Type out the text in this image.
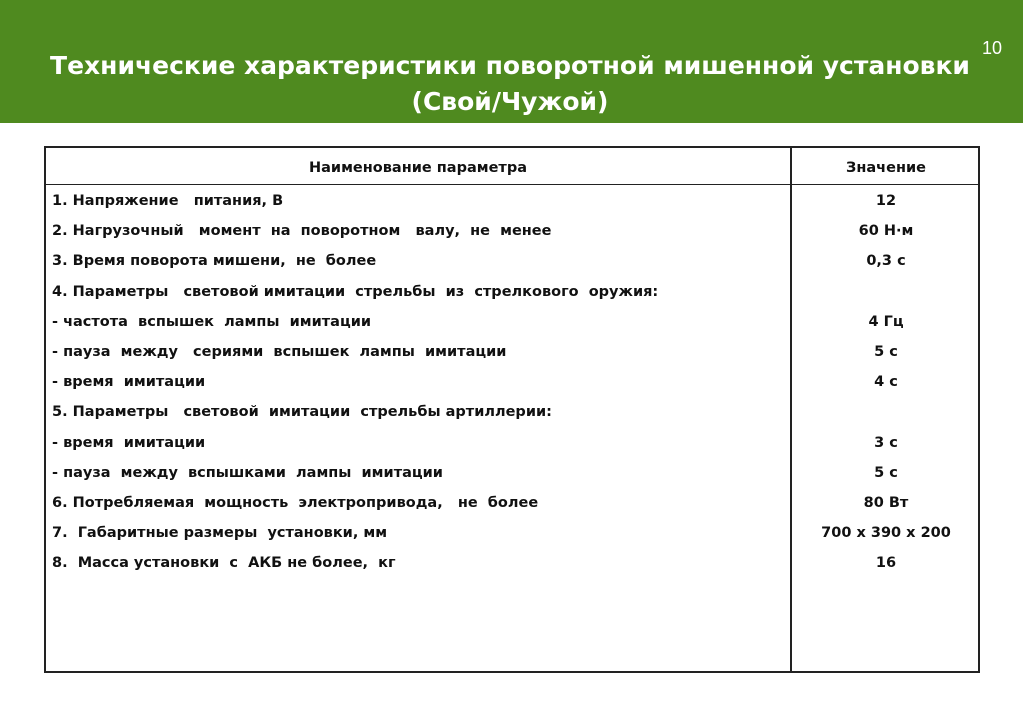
Технические характеристики поворотной мишенной установки
(Свой/Чужой)
10
Наименование параметра	Значение
1. Напряжение   питания, В	12
2. Нагрузочный   момент  на  поворотном   валу,  не  менее	60 Н·м
3. Время поворота мишени,  не  более	0,3 с
4. Параметры   световой имитации  стрельбы  из  стрелкового  оружия:
- частота  вспышек  лампы  имитации	4 Гц
- пауза  между   сериями  вспышек  лампы  имитации	5 с
- время  имитации	4 с
5. Параметры   световой  имитации  стрельбы артиллерии:
- время  имитации	3 с
- пауза  между  вспышками  лампы  имитации	5 с
6. Потребляемая  мощность  электропривода,   не  более	80 Вт
7.  Габаритные размеры  установки, мм	700 х 390 х 200
8.  Масса установки  с  АКБ не более,  кг	16
